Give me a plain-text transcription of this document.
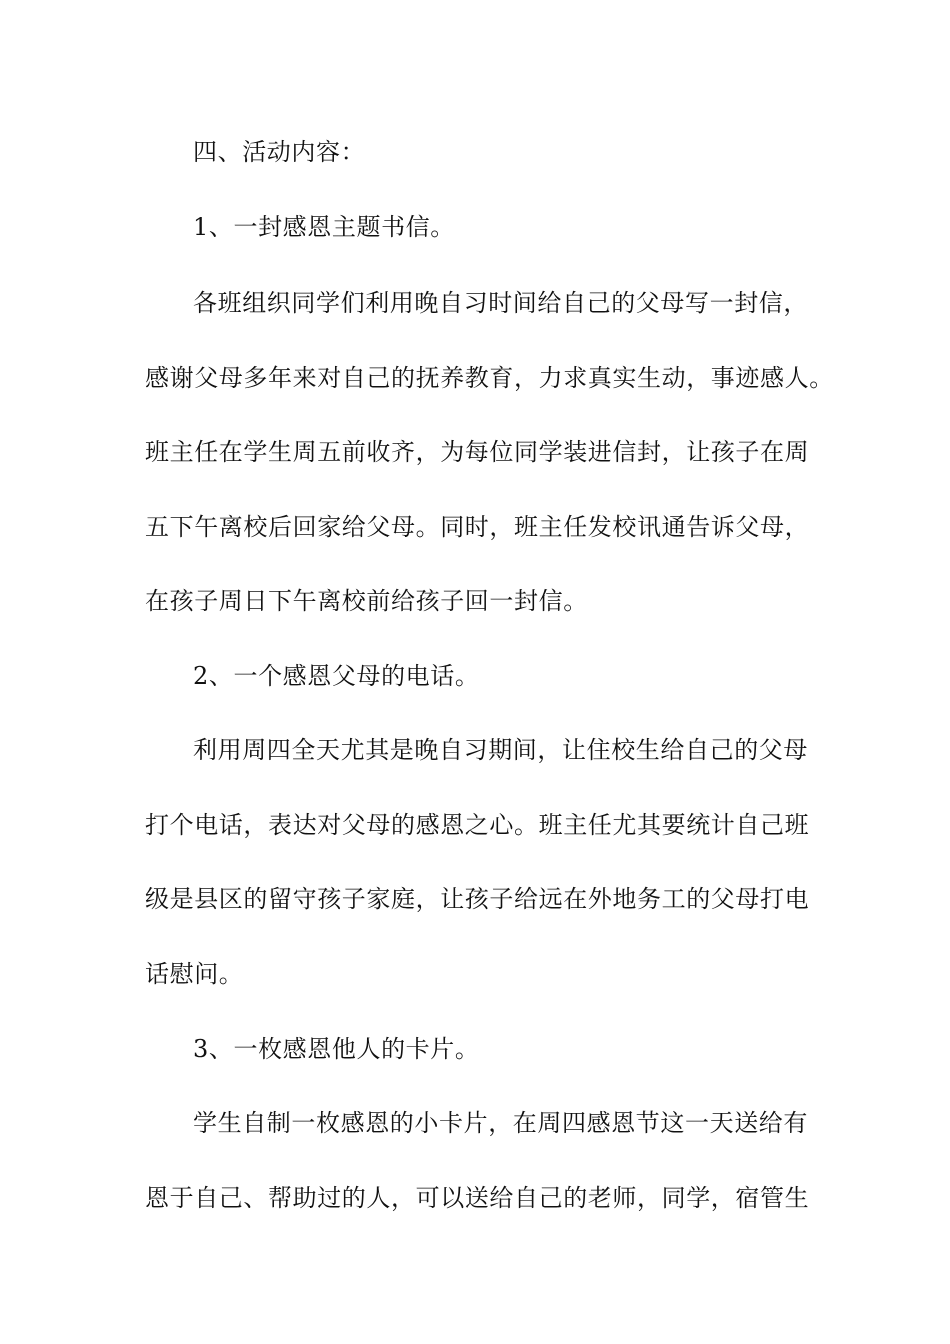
四、活动内容：
1、一封感恩主题书信。
各班组织同学们利用晚自习时间给自己的父母写一封信，
感谢父母多年来对自己的抚养教育，力求真实生动，事迹感人。
班主任在学生周五前收齐，为每位同学装进信封，让孩子在周
五下午离校后回家给父母。同时，班主任发校讯通告诉父母，
在孩子周日下午离校前给孩子回一封信。
2、一个感恩父母的电话。
利用周四全天尤其是晚自习期间，让住校生给自己的父母
打个电话，表达对父母的感恩之心。班主任尤其要统计自己班
级是县区的留守孩子家庭，让孩子给远在外地务工的父母打电
话慰问。
3、一枚感恩他人的卡片。
学生自制一枚感恩的小卡片，在周四感恩节这一天送给有
恩于自己、帮助过的人，可以送给自己的老师，同学，宿管生
